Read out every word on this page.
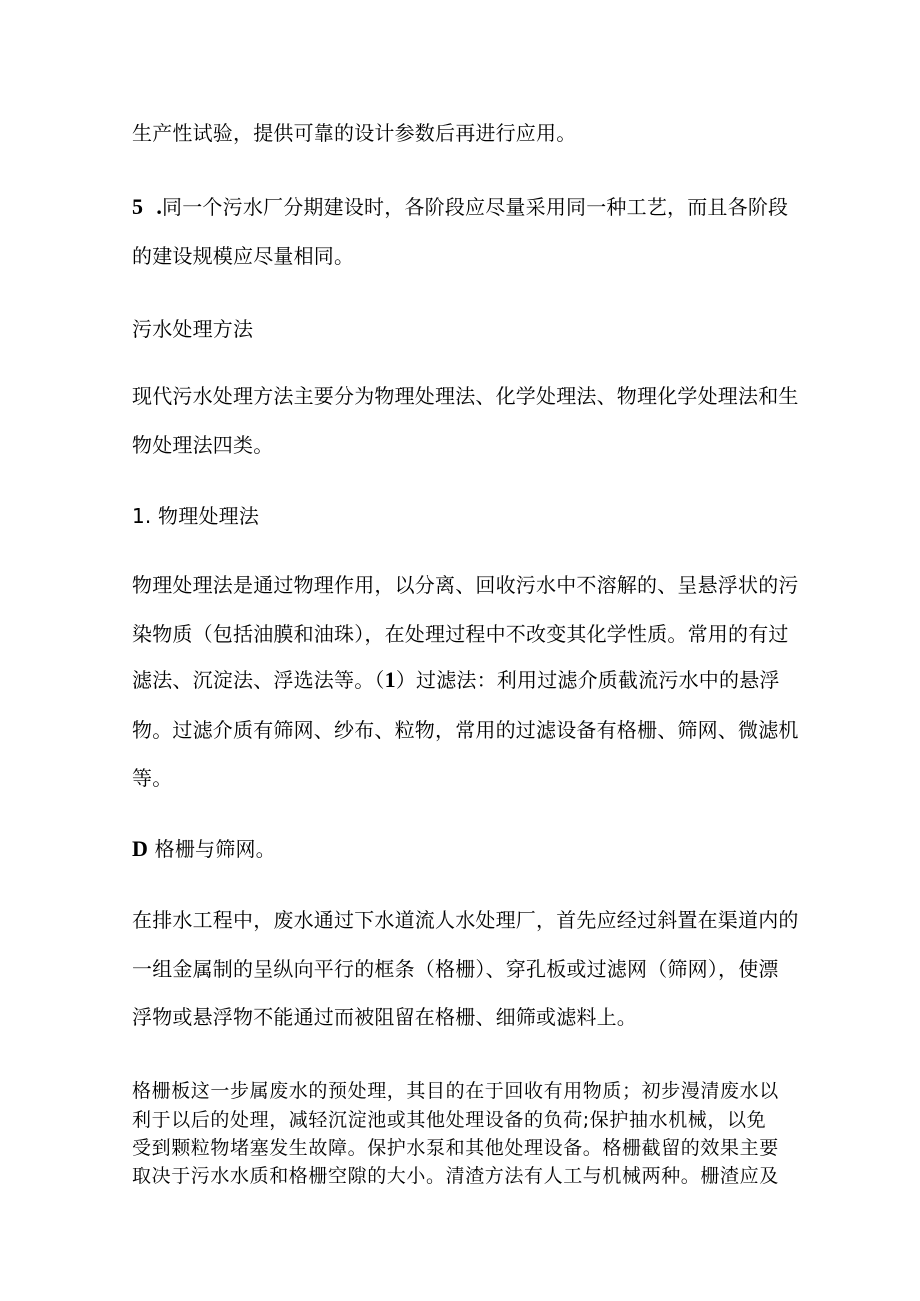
生产性试验，提供可靠的设计参数后再进行应用。

5 .同一个污水厂分期建设时，各阶段应尽量采用同一种工艺，而且各阶段

的建设规模应尽量相同。

污水处理方法

现代污水处理方法主要分为物理处理法、化学处理法、物理化学处理法和生

物处理法四类。

1. 物理处理法

物理处理法是通过物理作用，以分离、回收污水中不溶解的、呈悬浮状的污

染物质（包括油膜和油珠），在处理过程中不改变其化学性质。常用的有过

滤法、沉淀法、浮选法等。（1）过滤法：利用过滤介质截流污水中的悬浮

物。过滤介质有筛网、纱布、粒物，常用的过滤设备有格栅、筛网、微滤机

等。

D 格栅与筛网。

在排水工程中，废水通过下水道流人水处理厂，首先应经过斜置在渠道内的

一组金属制的呈纵向平行的框条（格栅）、穿孔板或过滤网（筛网），使漂

浮物或悬浮物不能通过而被阻留在格栅、细筛或滤料上。

格栅板这一步属废水的预处理，其目的在于回收有用物质；初步漫清废水以

利于以后的处理，减轻沉淀池或其他处理设备的负荷;保护抽水机械，以免

受到颗粒物堵塞发生故障。保护水泵和其他处理设备。格栅截留的效果主要

取决于污水水质和格栅空隙的大小。清渣方法有人工与机械两种。栅渣应及
